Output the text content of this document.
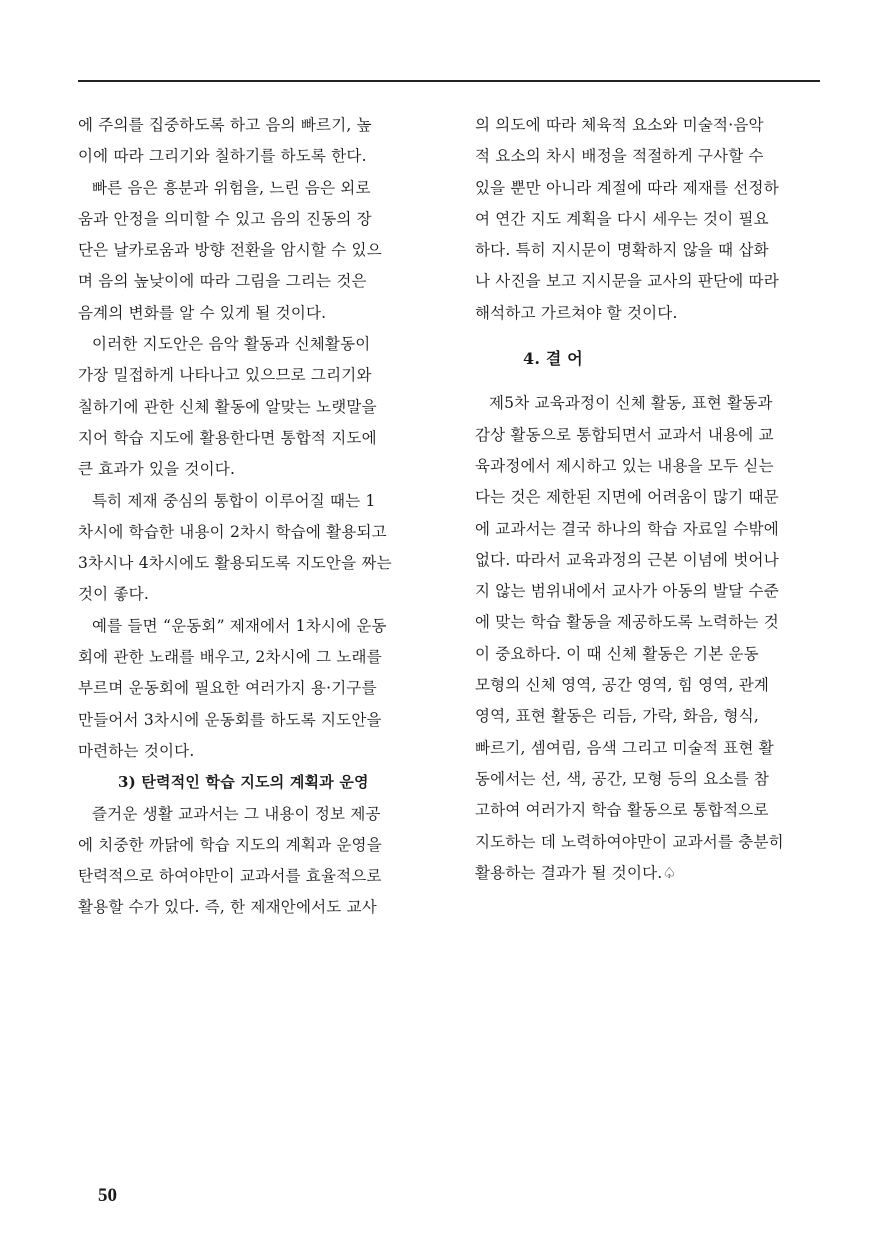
에 주의를 집중하도록 하고 음의 빠르기, 높
이에 따라 그리기와 칠하기를 하도록 한다.
빠른 음은 흥분과 위험을, 느린 음은 외로
움과 안정을 의미할 수 있고 음의 진동의 장
단은 날카로움과 방향 전환을 암시할 수 있으
며 음의 높낮이에 따라 그림을 그리는 것은
음계의 변화를 알 수 있게 될 것이다.
이러한 지도안은 음악 활동과 신체활동이
가장 밀접하게 나타나고 있으므로 그리기와
칠하기에 관한 신체 활동에 알맞는 노랫말을
지어 학습 지도에 활용한다면 통합적 지도에
큰 효과가 있을 것이다.
특히 제재 중심의 통합이 이루어질 때는 1
차시에 학습한 내용이 2차시 학습에 활용되고
3차시나 4차시에도 활용되도록 지도안을 짜는
것이 좋다.
예를 들면 “운동회” 제재에서 1차시에 운동
회에 관한 노래를 배우고, 2차시에 그 노래를
부르며 운동회에 필요한 여러가지 용·기구를
만들어서 3차시에 운동회를 하도록 지도안을
마련하는 것이다.
3) 탄력적인 학습 지도의 계획과 운영
즐거운 생활 교과서는 그 내용이 정보 제공
에 치중한 까닭에 학습 지도의 계획과 운영을
탄력적으로 하여야만이 교과서를 효율적으로
활용할 수가 있다. 즉, 한 제재안에서도 교사
의 의도에 따라 체육적 요소와 미술적·음악
적 요소의 차시 배정을 적절하게 구사할 수
있을 뿐만 아니라 계절에 따라 제재를 선정하
여 연간 지도 계획을 다시 세우는 것이 필요
하다. 특히 지시문이 명확하지 않을 때 삽화
나 사진을 보고 지시문을 교사의 판단에 따라
해석하고 가르쳐야 할 것이다.
4. 결 어
제5차 교육과정이 신체 활동, 표현 활동과
감상 활동으로 통합되면서 교과서 내용에 교
육과정에서 제시하고 있는 내용을 모두 싣는
다는 것은 제한된 지면에 어려움이 많기 때문
에 교과서는 결국 하나의 학습 자료일 수밖에
없다. 따라서 교육과정의 근본 이념에 벗어나
지 않는 범위내에서 교사가 아동의 발달 수준
에 맞는 학습 활동을 제공하도록 노력하는 것
이 중요하다. 이 때 신체 활동은 기본 운동
모형의 신체 영역, 공간 영역, 힘 영역, 관계
영역, 표현 활동은 리듬, 가락, 화음, 형식,
빠르기, 셈여림, 음색 그리고 미술적 표현 활
동에서는 선, 색, 공간, 모형 등의 요소를 참
고하여 여러가지 학습 활동으로 통합적으로
지도하는 데 노력하여야만이 교과서를 충분히
활용하는 결과가 될 것이다.♤
50
